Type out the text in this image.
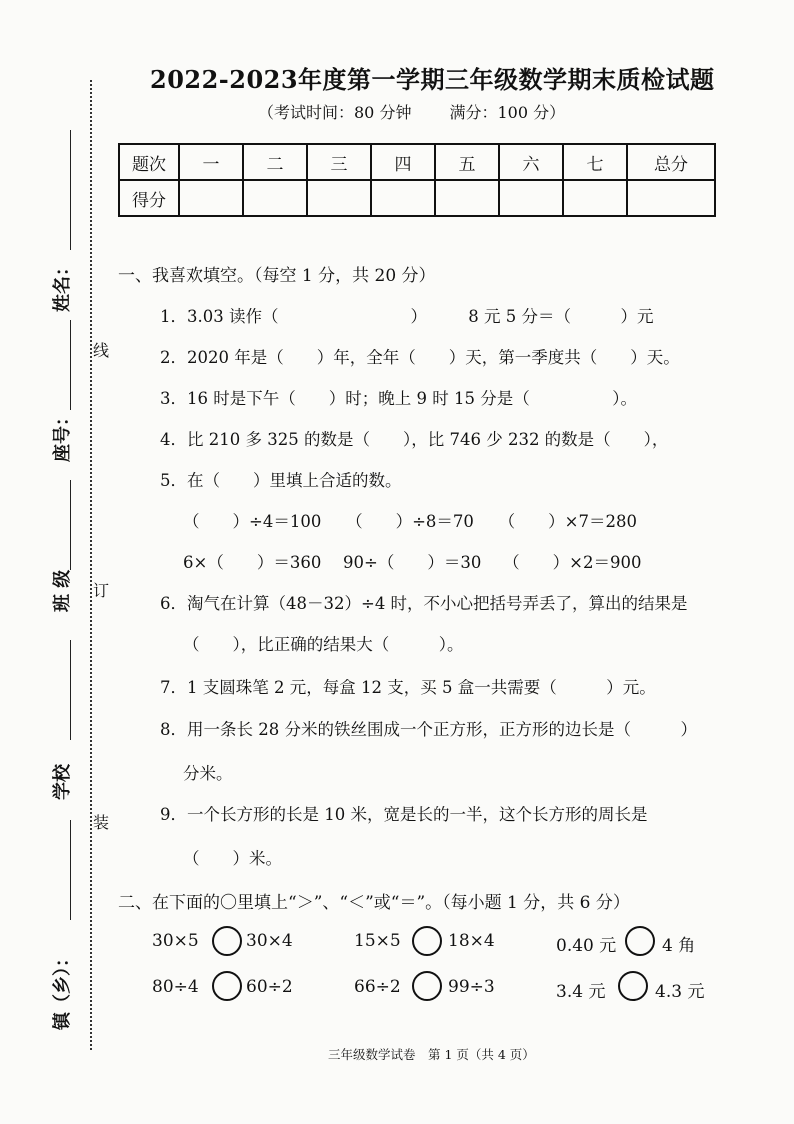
2022-2023年度第一学期三年级数学期末质检试题
（考试时间：80 分钟 满分：100 分）
题次	一	二	三	四	五	六	七	总分
得分								
姓名：
座号：
班 级
学校
镇（乡）：
线
订
装
一、我喜欢填空。（每空 1 分，共 20 分）
1．3.03 读作（　　　　　　　　）　　　8 元 5 分＝（　　　）元
2．2020 年是（　　）年，全年（　　）天，第一季度共（　　）天。
3．16 时是下午（　　）时；晚上 9 时 15 分是（　　　　　）。
4．比 210 多 325 的数是（　　），比 746 少 232 的数是（　　），
5．在（　　）里填上合适的数。
（　　）÷4＝100　　（　　）÷8＝70　　（　　）×7＝280
6×（　　）＝360　 90÷（　　）＝30　 （　　）×2＝900
6．淘气在计算（48－32）÷4 时，不小心把括号弄丢了，算出的结果是
（　　），比正确的结果大（　　　）。
7．1 支圆珠笔 2 元，每盒 12 支，买 5 盒一共需要（　　　）元。
8．用一条长 28 分米的铁丝围成一个正方形，正方形的边长是（　　　）
分米。
9．一个长方形的长是 10 米，宽是长的一半，这个长方形的周长是
（　　）米。
二、在下面的〇里填上“＞”、“＜”或“＝”。（每小题 1 分，共 6 分）
30×5	30×4	15×5	18×4	0.40 元	4 角
80÷4	60÷2	66÷2	99÷3	3.4 元	4.3 元
三年级数学试卷　第 1 页（共 4 页）
